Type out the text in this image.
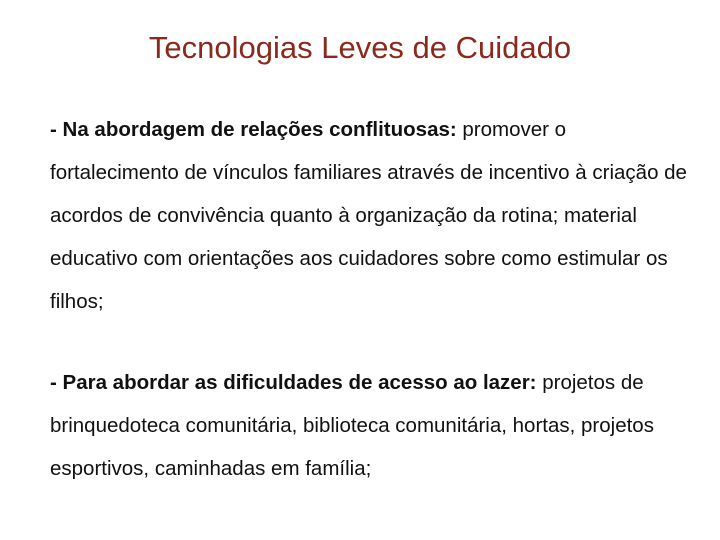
Tecnologias Leves de Cuidado

- Na abordagem de relações conflituosas: promover o fortalecimento de vínculos familiares através de incentivo à criação de acordos de convivência quanto à organização da rotina; material educativo com orientações aos cuidadores sobre como estimular os filhos;

- Para abordar as dificuldades de acesso ao lazer: projetos de brinquedoteca comunitária, biblioteca comunitária, hortas, projetos esportivos, caminhadas em família;
